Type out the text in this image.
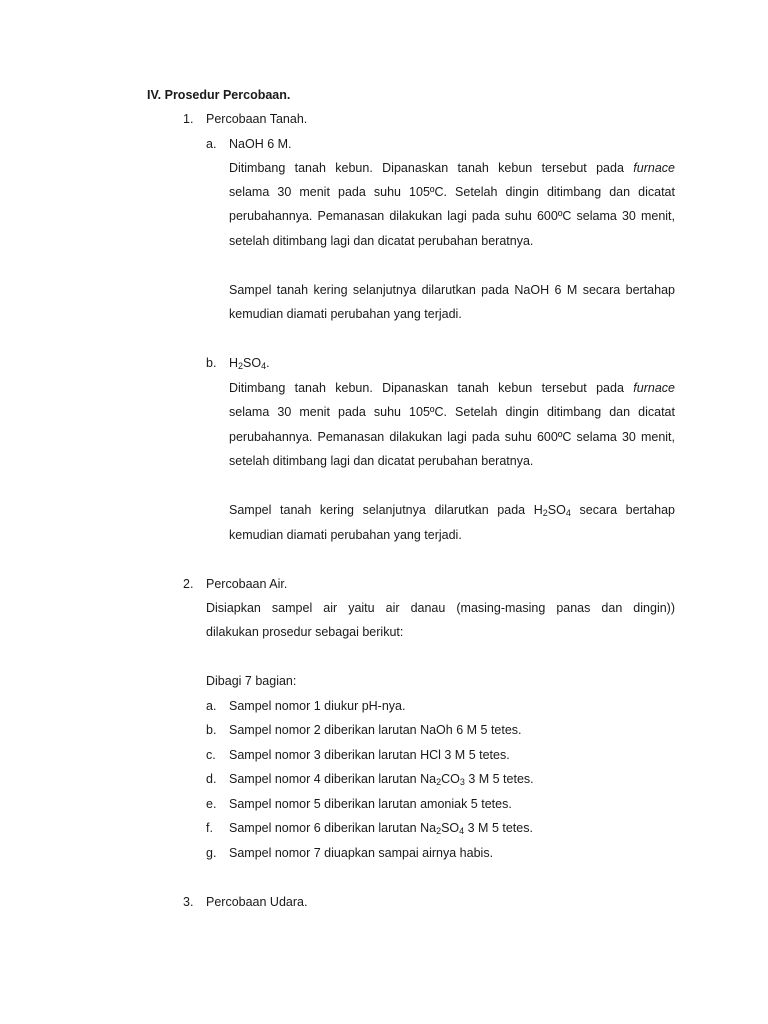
IV. Prosedur Percobaan.
1. Percobaan Tanah.
a. NaOH 6 M.
Ditimbang tanah kebun. Dipanaskan tanah kebun tersebut pada furnace
selama 30 menit pada suhu 105ºC. Setelah dingin ditimbang dan dicatat
perubahannya. Pemanasan dilakukan lagi pada suhu 600ºC selama 30 menit,
setelah ditimbang lagi dan dicatat perubahan beratnya.
Sampel tanah kering selanjutnya dilarutkan pada NaOH 6 M secara bertahap
kemudian diamati perubahan yang terjadi.
b. $H_2SO_4$.
Ditimbang tanah kebun. Dipanaskan tanah kebun tersebut pada furnace
selama 30 menit pada suhu 105ºC. Setelah dingin ditimbang dan dicatat
perubahannya. Pemanasan dilakukan lagi pada suhu 600ºC selama 30 menit,
setelah ditimbang lagi dan dicatat perubahan beratnya.
Sampel tanah kering selanjutnya dilarutkan pada $H_2SO_4$ secara bertahap
kemudian diamati perubahan yang terjadi.
2. Percobaan Air.
Disiapkan sampel air yaitu air danau (masing-masing panas dan dingin))
dilakukan prosedur sebagai berikut:
Dibagi 7 bagian:
a. Sampel nomor 1 diukur pH-nya.
b. Sampel nomor 2 diberikan larutan NaOh 6 M 5 tetes.
c. Sampel nomor 3 diberikan larutan HCl 3 M 5 tetes.
d. Sampel nomor 4 diberikan larutan $Na_2CO_3$ 3 M 5 tetes.
e. Sampel nomor 5 diberikan larutan amoniak 5 tetes.
f. Sampel nomor 6 diberikan larutan $Na_2SO_4$ 3 M 5 tetes.
g. Sampel nomor 7 diuapkan sampai airnya habis.
3. Percobaan Udara.
